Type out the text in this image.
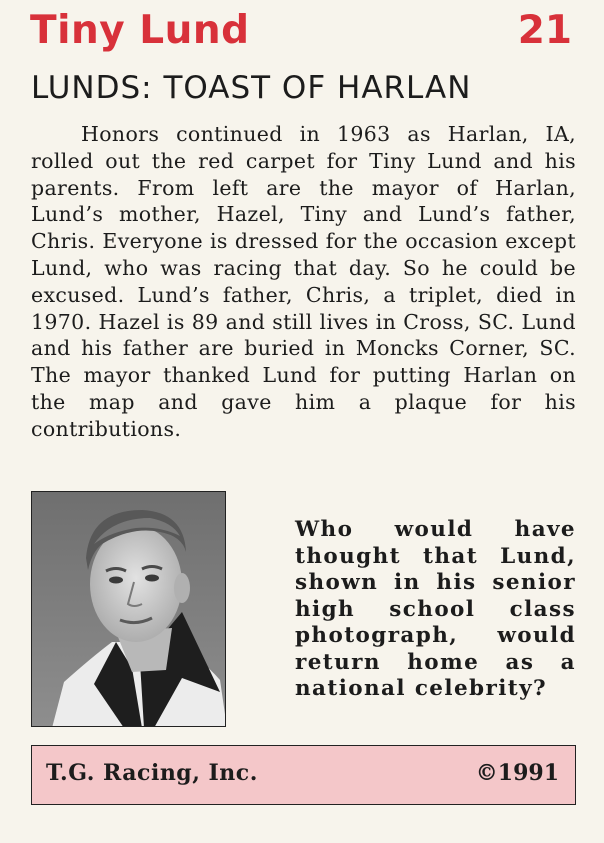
Tiny Lund	21
LUNDS: TOAST OF HARLAN
Honors continued in 1963 as Harlan, IA, rolled out the red carpet for Tiny Lund and his parents. From left are the mayor of Harlan, Lund’s mother, Hazel, Tiny and Lund’s father, Chris. Everyone is dressed for the occasion except Lund, who was racing that day. So he could be excused. Lund’s father, Chris, a triplet, died in 1970. Hazel is 89 and still lives in Cross, SC. Lund and his father are buried in Moncks Corner, SC. The mayor thanked Lund for putting Harlan on the map and gave him a plaque for his contributions.
Who would have thought that Lund, shown in his senior high school class photograph, would return home as a national celebrity?
T.G. Racing, Inc.	©1991
